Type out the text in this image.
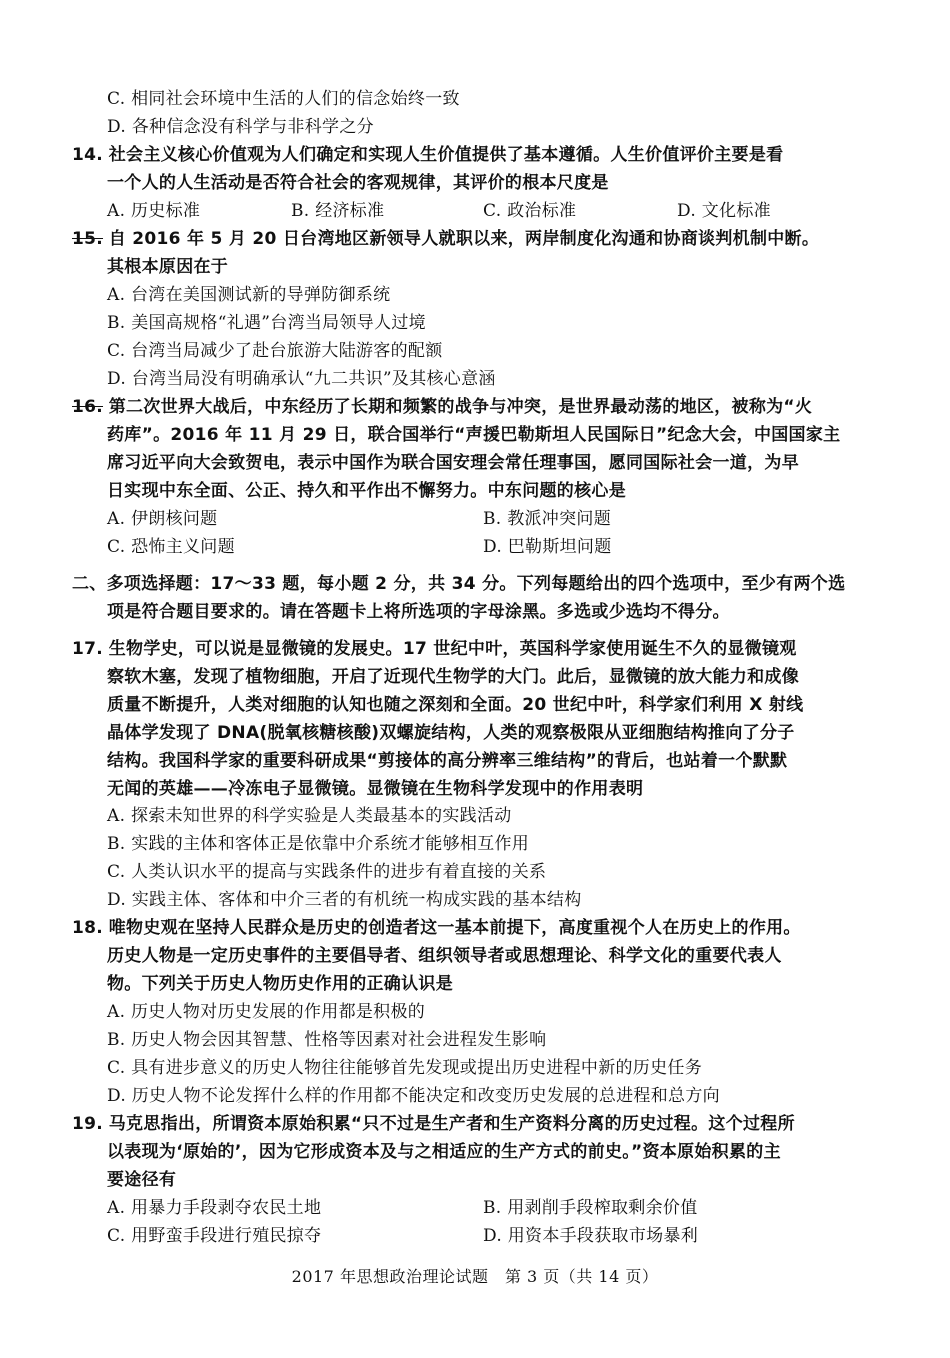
C. 相同社会环境中生活的人们的信念始终一致
D. 各种信念没有科学与非科学之分
14. 社会主义核心价值观为人们确定和实现人生价值提供了基本遵循。人生价值评价主要是看
一个人的人生活动是否符合社会的客观规律，其评价的根本尺度是
A. 历史标准	B. 经济标准	C. 政治标准	D. 文化标准
15. 自 2016 年 5 月 20 日台湾地区新领导人就职以来，两岸制度化沟通和协商谈判机制中断。
其根本原因在于
A. 台湾在美国测试新的导弹防御系统
B. 美国高规格“礼遇”台湾当局领导人过境
C. 台湾当局减少了赴台旅游大陆游客的配额
D. 台湾当局没有明确承认“九二共识”及其核心意涵
16. 第二次世界大战后，中东经历了长期和频繁的战争与冲突，是世界最动荡的地区，被称为“火
药库”。2016 年 11 月 29 日，联合国举行“声援巴勒斯坦人民国际日”纪念大会，中国国家主
席习近平向大会致贺电，表示中国作为联合国安理会常任理事国，愿同国际社会一道，为早
日实现中东全面、公正、持久和平作出不懈努力。中东问题的核心是
A. 伊朗核问题	B. 教派冲突问题
C. 恐怖主义问题	D. 巴勒斯坦问题
二、多项选择题：17～33 题，每小题 2 分，共 34 分。下列每题给出的四个选项中，至少有两个选
项是符合题目要求的。请在答题卡上将所选项的字母涂黑。多选或少选均不得分。
17. 生物学史，可以说是显微镜的发展史。17 世纪中叶，英国科学家使用诞生不久的显微镜观
察软木塞，发现了植物细胞，开启了近现代生物学的大门。此后，显微镜的放大能力和成像
质量不断提升，人类对细胞的认知也随之深刻和全面。20 世纪中叶，科学家们利用 X 射线
晶体学发现了 DNA(脱氧核糖核酸)双螺旋结构，人类的观察极限从亚细胞结构推向了分子
结构。我国科学家的重要科研成果“剪接体的高分辨率三维结构”的背后，也站着一个默默
无闻的英雄——冷冻电子显微镜。显微镜在生物科学发现中的作用表明
A. 探索未知世界的科学实验是人类最基本的实践活动
B. 实践的主体和客体正是依靠中介系统才能够相互作用
C. 人类认识水平的提高与实践条件的进步有着直接的关系
D. 实践主体、客体和中介三者的有机统一构成实践的基本结构
18. 唯物史观在坚持人民群众是历史的创造者这一基本前提下，高度重视个人在历史上的作用。
历史人物是一定历史事件的主要倡导者、组织领导者或思想理论、科学文化的重要代表人
物。下列关于历史人物历史作用的正确认识是
A. 历史人物对历史发展的作用都是积极的
B. 历史人物会因其智慧、性格等因素对社会进程发生影响
C. 具有进步意义的历史人物往往能够首先发现或提出历史进程中新的历史任务
D. 历史人物不论发挥什么样的作用都不能决定和改变历史发展的总进程和总方向
19. 马克思指出，所谓资本原始积累“只不过是生产者和生产资料分离的历史过程。这个过程所
以表现为‘原始的’，因为它形成资本及与之相适应的生产方式的前史。”资本原始积累的主
要途径有
A. 用暴力手段剥夺农民土地	B. 用剥削手段榨取剩余价值
C. 用野蛮手段进行殖民掠夺	D. 用资本手段获取市场暴利
2017 年思想政治理论试题　第 3 页（共 14 页）
